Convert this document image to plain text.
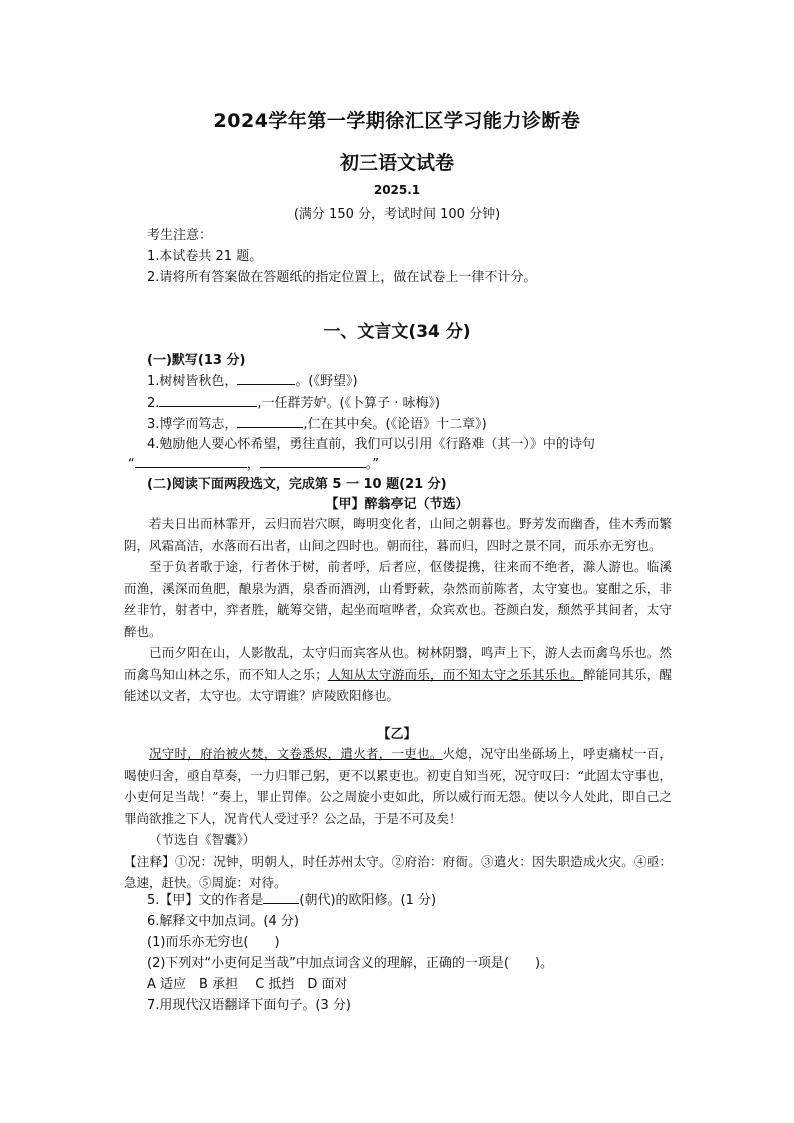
2024学年第一学期徐汇区学习能力诊断卷
初三语文试卷
2025.1
(满分 150 分，考试时间 100 分钟)
考生注意：
1.本试卷共 21 题。
2.请将所有答案做在答题纸的指定位置上，做在试卷上一律不计分。
一、文言文(34 分)
(一)默写(13 分)
1.树树皆秋色，	。(《野望》)
2.	,一任群芳妒。(《卜算子 · 咏梅》)
3.博学而笃志，	,仁在其中矣。(《论语》十二章》)
4.勉励他人要心怀希望，勇往直前，我们可以引用《行路难（其一）》中的诗句
“	，	。”
(二)阅读下面两段选文，完成第 5 一 10 题(21 分)
【甲】醉翁亭记（节选）

若夫日出而林霏开，云归而岩穴暝，晦明变化者，山间之朝暮也。野芳发而幽香，佳木秀而繁阴，风霜高洁，水落而石出者，山间之四时也。朝而往，暮而归，四时之景不同，而乐亦无穷也。

至于负者歌于途，行者休于树，前者呼，后者应，伛偻提携，往来而不绝者，滁人游也。临溪而渔，溪深而鱼肥，酿泉为酒，泉香而酒洌，山肴野蔌，杂然而前陈者，太守宴也。宴酣之乐，非丝非竹，射者中，弈者胜，觥筹交错，起坐而喧哗者，众宾欢也。苍颜白发，颓然乎其间者，太守醉也。

已而夕阳在山，人影散乱，太守归而宾客从也。树林阴翳，鸣声上下，游人去而禽鸟乐也。然而禽鸟知山林之乐，而不知人之乐；人知从太守游而乐，而不知太守之乐其乐也。醉能同其乐，醒能述以文者，太守也。太守谓谁？庐陵欧阳修也。

【乙】

况守时，府治被火焚，文卷悉烬，遣火者，一吏也。火熄，况守出坐砾场上，呼吏痛杖一百，喝使归舍，亟自草奏，一力归罪己躬，更不以累吏也。初吏自知当死，况守叹曰：“此固太守事也，小吏何足当哉！”奏上，罪止罚俸。公之周旋小吏如此，所以威行而无怨。使以今人处此，即自己之罪尚欲推之下人，况肯代人受过乎？公之品，于是不可及矣！

（节选自《智囊》）

【注释】①况：况钟，明朝人，时任苏州太守。②府治：府衙。③遣火：因失职造成火灾。④亟：急速，赶快。⑤周旋：对待。

5.【甲】文的作者是	(朝代)的欧阳修。(1 分)
6.解释文中加点词。(4 分)
(1)而乐亦无穷也(　　)
(2)下列对“小吏何足当哉”中加点词含义的理解，正确的一项是(　　)。
A 适应　B 承担　 C 抵挡　D 面对
7.用现代汉语翻译下面句子。(3 分)
